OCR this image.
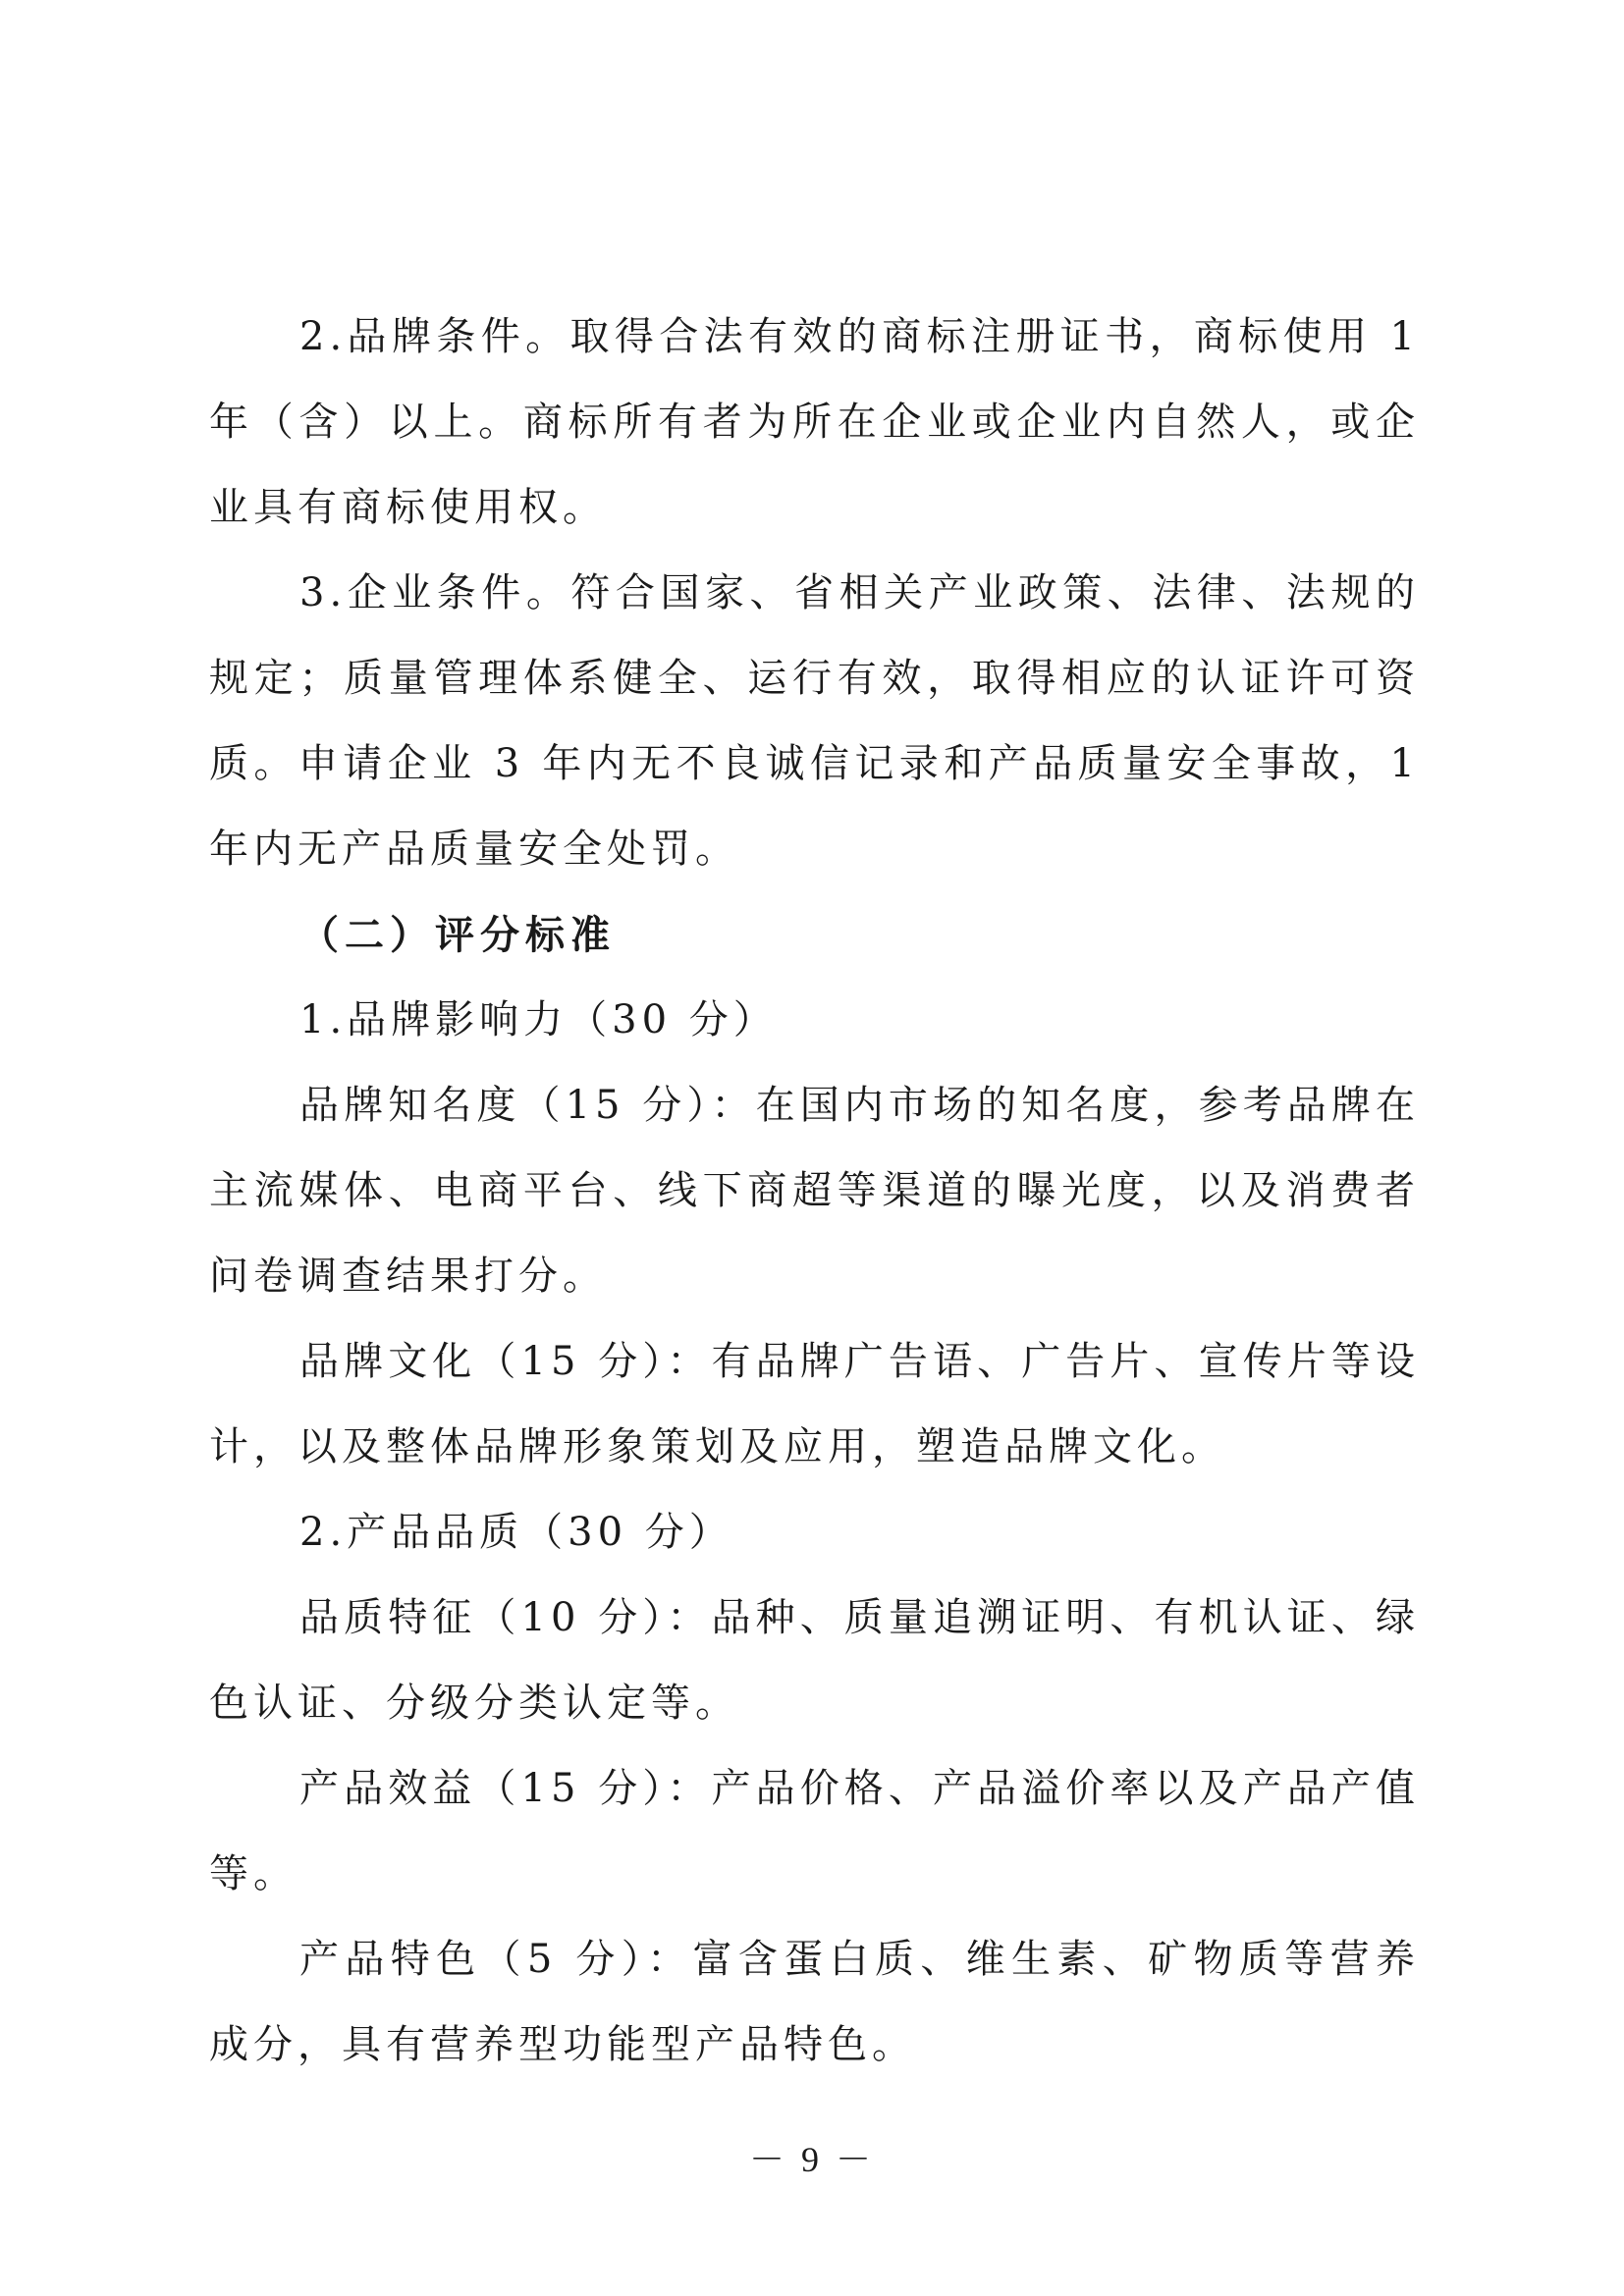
2.品牌条件。取得合法有效的商标注册证书，商标使用 1 年（含）以上。商标所有者为所在企业或企业内自然人，或企业具有商标使用权。

3.企业条件。符合国家、省相关产业政策、法律、法规的规定；质量管理体系健全、运行有效，取得相应的认证许可资质。申请企业 3 年内无不良诚信记录和产品质量安全事故，1 年内无产品质量安全处罚。

（二）评分标准

1.品牌影响力（30 分）

品牌知名度（15 分）：在国内市场的知名度，参考品牌在主流媒体、电商平台、线下商超等渠道的曝光度，以及消费者问卷调查结果打分。

品牌文化（15 分）：有品牌广告语、广告片、宣传片等设计，以及整体品牌形象策划及应用，塑造品牌文化。

2.产品品质（30 分）

品质特征（10 分）：品种、质量追溯证明、有机认证、绿色认证、分级分类认定等。

产品效益（15 分）：产品价格、产品溢价率以及产品产值等。

产品特色（5 分）：富含蛋白质、维生素、矿物质等营养成分，具有营养型功能型产品特色。

－ 9 －
